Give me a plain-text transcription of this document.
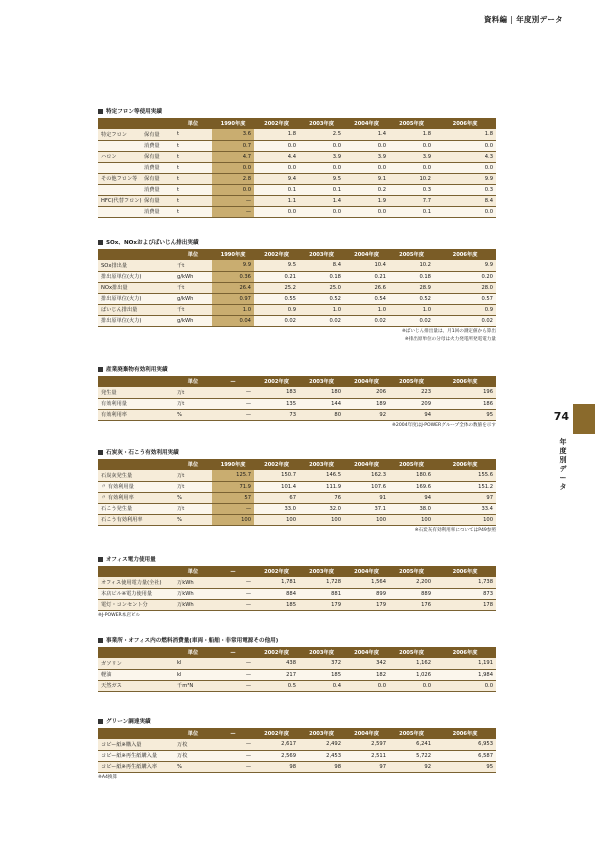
資料編 | 年度別データ
74
年度別データ
特定フロン等使用実績
		単位	1990年度	2002年度	2003年度	2004年度	2005年度	2006年度
特定フロン	保有量	t	3.6	1.8	2.5	1.4	1.8	1.8
	消費量	t	0.7	0.0	0.0	0.0	0.0	0.0
ハロン	保有量	t	4.7	4.4	3.9	3.9	3.9	4.3
	消費量	t	0.0	0.0	0.0	0.0	0.0	0.0
その他フロン等	保有量	t	2.8	9.4	9.5	9.1	10.2	9.9
	消費量	t	0.0	0.1	0.1	0.2	0.3	0.3
HFC(代替フロン)	保有量	t	—	1.1	1.4	1.9	7.7	8.4
	消費量	t	—	0.0	0.0	0.0	0.1	0.0
SOx、NOxおよびばいじん排出実績
	単位	1990年度	2002年度	2003年度	2004年度	2005年度	2006年度
SOx排出量	千t	9.9	9.5	8.4	10.4	10.2	9.9
排出原単位(火力)	g/kWh	0.36	0.21	0.18	0.21	0.18	0.20
NOx排出量	千t	26.4	25.2	25.0	26.6	28.9	28.0
排出原単位(火力)	g/kWh	0.97	0.55	0.52	0.54	0.52	0.57
ばいじん排出量	千t	1.0	0.9	1.0	1.0	1.0	0.9
排出原単位(火力)	g/kWh	0.04	0.02	0.02	0.02	0.02	0.02
※ばいじん排出量は、月1回の測定値から算出
※排出原単位の分母は火力発電所発電電力量
産業廃棄物有効利用実績
	単位	—	2002年度	2003年度	2004年度	2005年度	2006年度
発生量	万t	—	183	180	206	223	196
有効利用量	万t	—	135	144	189	209	186
有効利用率	%	—	73	80	92	94	95
※2004年度はJ-POWERグループ全体の数値を示す
石炭灰・石こう有効利用実績
	単位	1990年度	2002年度	2003年度	2004年度	2005年度	2006年度
石炭灰発生量	万t	125.7	150.7	146.5	162.3	180.6	155.6
〃 有効利用量	万t	71.9	101.4	111.9	107.6	169.6	151.2
〃 有効利用率	%	57	67	76	91	94	97
石こう発生量	万t	—	33.0	32.0	37.1	38.0	33.4
石こう有効利用率	%	100	100	100	100	100	100
※石炭灰有効利用率についてはP49参照
オフィス電力使用量
	単位	—	2002年度	2003年度	2004年度	2005年度	2006年度
オフィス使用電力量(全社)	万kWh	—	1,781	1,728	1,564	2,200	1,738
本店ビル※電力使用量	万kWh	—	884	881	899	889	873
電灯・コンセント分	万kWh	—	185	179	179	176	178
※J-POWER本店ビル
事業所・オフィス内の燃料消費量(車両・船舶・非常用電源その他用)
	単位	—	2002年度	2003年度	2004年度	2005年度	2006年度
ガソリン	kl	—	438	372	342	1,162	1,191
軽油	kl	—	217	185	182	1,026	1,984
天然ガス	千m³N	—	0.5	0.4	0.0	0.0	0.0
グリーン調達実績
	単位	—	2002年度	2003年度	2004年度	2005年度	2006年度
コピー紙※購入量	万枚	—	2,617	2,492	2,597	6,241	6,953
コピー紙※再生紙購入量	万枚	—	2,569	2,453	2,511	5,722	6,587
コピー紙※再生紙購入率	%	—	98	98	97	92	95
※A4換算
